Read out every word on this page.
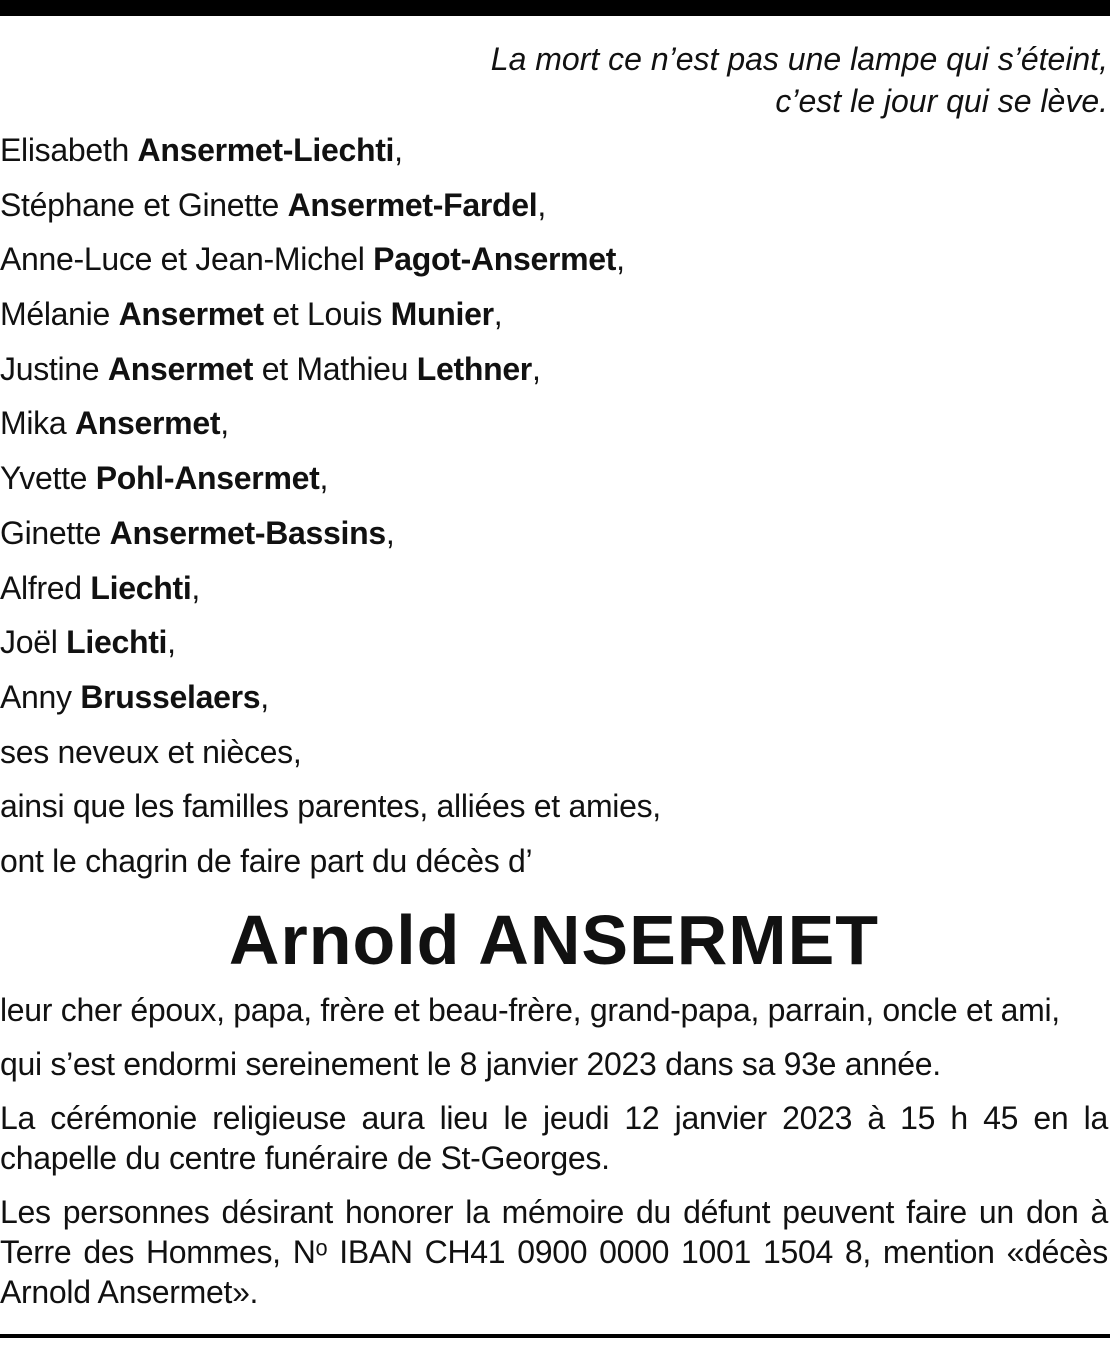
La mort ce n’est pas une lampe qui s’éteint,
c’est le jour qui se lève.
Elisabeth Ansermet-Liechti,
Stéphane et Ginette Ansermet-Fardel,
Anne-Luce et Jean-Michel Pagot-Ansermet,
Mélanie Ansermet et Louis Munier,
Justine Ansermet et Mathieu Lethner,
Mika Ansermet,
Yvette Pohl-Ansermet,
Ginette Ansermet-Bassins,
Alfred Liechti,
Joël Liechti,
Anny Brusselaers,
ses neveux et nièces,
ainsi que les familles parentes, alliées et amies,
ont le chagrin de faire part du décès d’
Arnold ANSERMET

leur cher époux, papa, frère et beau-frère, grand-papa, parrain, oncle et ami,

qui s’est endormi sereinement le 8 janvier 2023 dans sa 93e année.

La cérémonie religieuse aura lieu le jeudi 12 janvier 2023 à 15 h 45 en la chapelle du centre funéraire de St-Georges.

Les personnes désirant honorer la mémoire du défunt peuvent faire un don à Terre des Hommes, Nᵒ IBAN CH41 0900 0000 1001 1504 8, mention «décès Arnold Ansermet».
